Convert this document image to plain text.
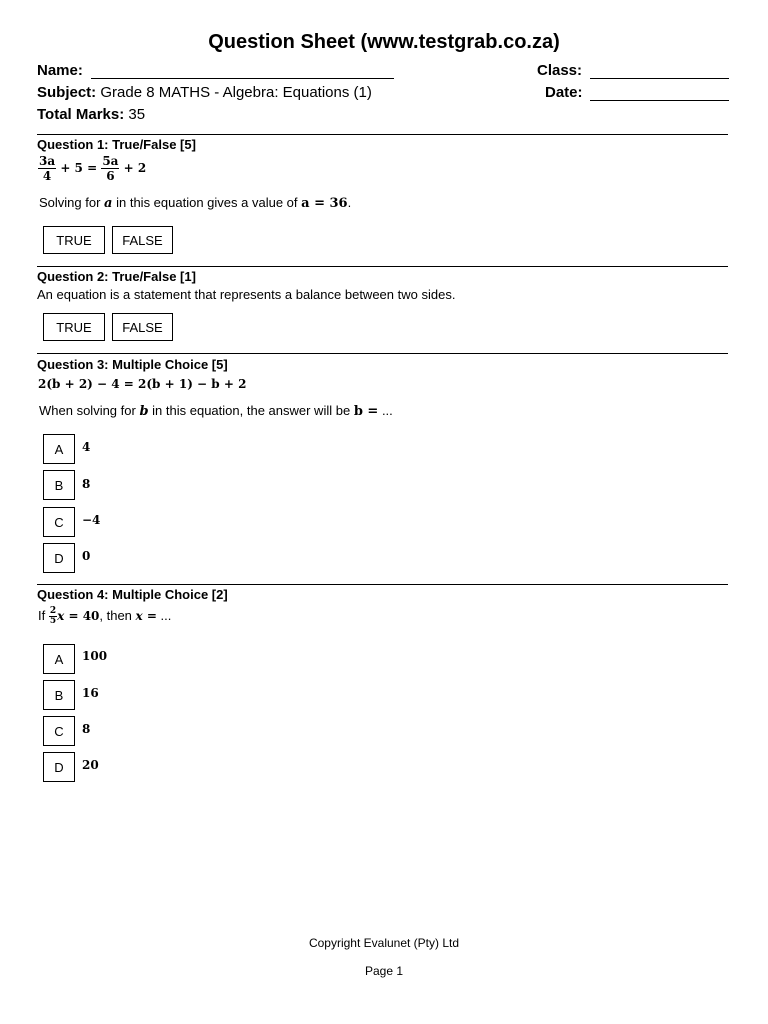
Question Sheet (www.testgrab.co.za)
Name:	Class:
Subject: Grade 8 MATHS - Algebra: Equations (1)	Date:
Total Marks: 35
Question 1: True/False [5]
$\frac{3a}{4} + 5 = \frac{5a}{6} + 2$
Solving for a in this equation gives a value of a = 36.
TRUE	FALSE
Question 2: True/False [1]
An equation is a statement that represents a balance between two sides.
TRUE	FALSE
Question 3: Multiple Choice [5]
2(b + 2) − 4 = 2(b + 1) − b + 2
When solving for b in this equation, the answer will be b = ...
A	4
B	8
C	−4
D	0
Question 4: Multiple Choice [2]
If $\frac{2}{5}$ x = 40, then x = ...
A	100
B	16
C	8
D	20
Copyright Evalunet (Pty) Ltd
Page 1
